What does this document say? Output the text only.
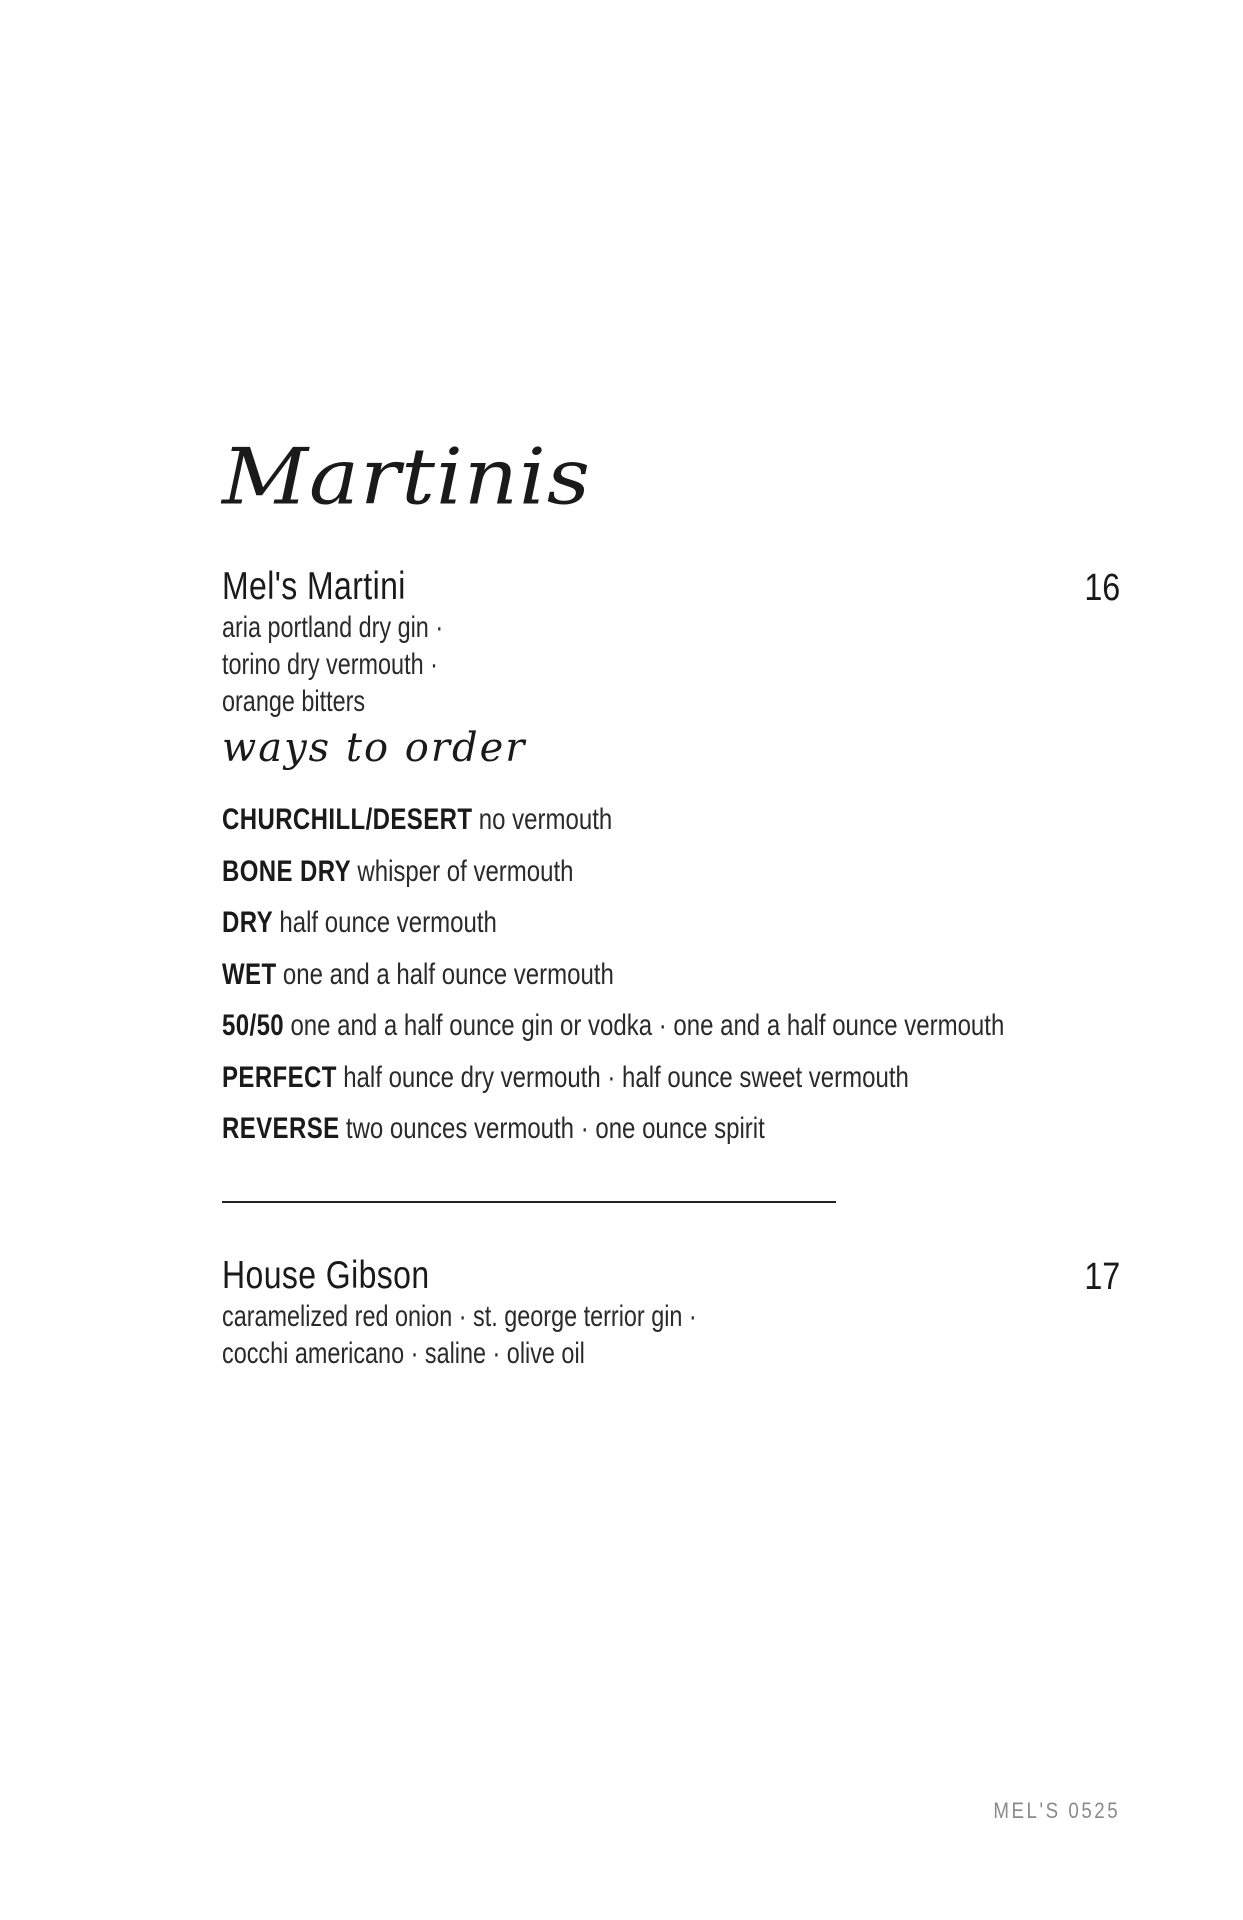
Martinis
Mel's Martini	16
aria portland dry gin ·
torino dry vermouth ·
orange bitters
ways to order
CHURCHILL/DESERT no vermouth
BONE DRY whisper of vermouth
DRY half ounce vermouth
WET one and a half ounce vermouth
50/50 one and a half ounce gin or vodka · one and a half ounce vermouth
PERFECT half ounce dry vermouth · half ounce sweet vermouth
REVERSE two ounces vermouth · one ounce spirit
House Gibson	17
caramelized red onion · st. george terrior gin ·
cocchi americano · saline · olive oil
MEL'S 0525
